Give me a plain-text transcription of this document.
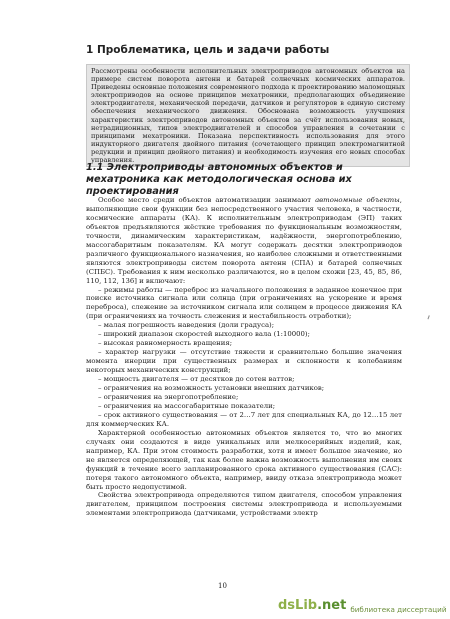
1 Проблематика, цель и задачи работы
Рассмотрены особенности исполнительных электроприводов автономных объектов на примере систем поворота антенн и батарей солнечных космических аппаратов. Приведены основные положения современного подхода к проектированию маломощных электроприводов на основе принципов мехатроники, предполагающих объединение электродвигателя, механической передачи, датчиков и регуляторов в единую систему обеспечения механического движения. Обоснована возможность улучшения характеристик электроприводов автономных объектов за счёт использования новых, нетрадиционных, типов электродвигателей и способов управления в сочетании с принципами мехатроники. Показана перспективность использования для этого индукторного двигателя двойного питания (сочетающего принцип электромагнитной редукции и принцип двойного питания) и необходимость изучения его новых способах управления.
1.1 Электроприводы автономных объектов и мехатроника как методологическая основа их проектирования

Особое место среди объектов автоматизации занимают автономные объекты, выполняющие свои функции без непосредственного участия человека, в частности, космические аппараты (КА). К исполнительным электроприводам (ЭП) таких объектов предъявляются жёсткие требования по функциональным возможностям, точности, динамическим характеристикам, надёжности, энергопотреблению, массогабаритным показателям. КА могут содержать десятки электроприводов различного функционального назначения, но наиболее сложными и ответственными являются электроприводы систем поворота антенн (СПА) и батарей солнечных (СПБС). Требования к ним несколько различаются, но в целом схожи [23, 45, 85, 86, 110, 112, 136] и включают:

– режимы работы — переброс из начального положения в заданное конечное при поиске источника сигнала или солнца (при ограничениях на ускорение и время переброса), слежение за источником сигнала или солнцем в процессе движения КА (при ограничениях на точность слежения и нестабильность отработки);

– малая погрешность наведения (доли градуса);

– широкий диапазон скоростей выходного вала (1:10000);

– высокая равномерность вращения;

– характер нагрузки — отсутствие тяжести и сравнительно большие значения момента инерции при существенных размерах и склонности к колебаниям некоторых механических конструкций;

– мощность двигателя — от десятков до сотен ваттов;

– ограничения на возможность установки внешних датчиков;

– ограничения на энергопотребление;

– ограничения на массогабаритные показатели;

– срок активного существования — от 2…7 лет для специальных КА, до 12…15 лет для коммерческих КА.

Характерной особенностью автономных объектов является то, что во многих случаях они создаются в виде уникальных или мелкосерийных изделий, как, например, КА. При этом стоимость разработки, хотя и имеет большое значение, но не является определяющей, так как более важна возможность выполнения им своих функций в течение всего запланированного срока активного существования (САС): потеря такого автономного объекта, например, ввиду отказа электропривода может быть просто недопустимой.

Свойства электропривода определяются типом двигателя, способом управления двигателем, принципом построения системы электропривода и используемыми элементами электропривода (датчиками, устройствами электр

10
dsLib .net библиотека диссертаций
